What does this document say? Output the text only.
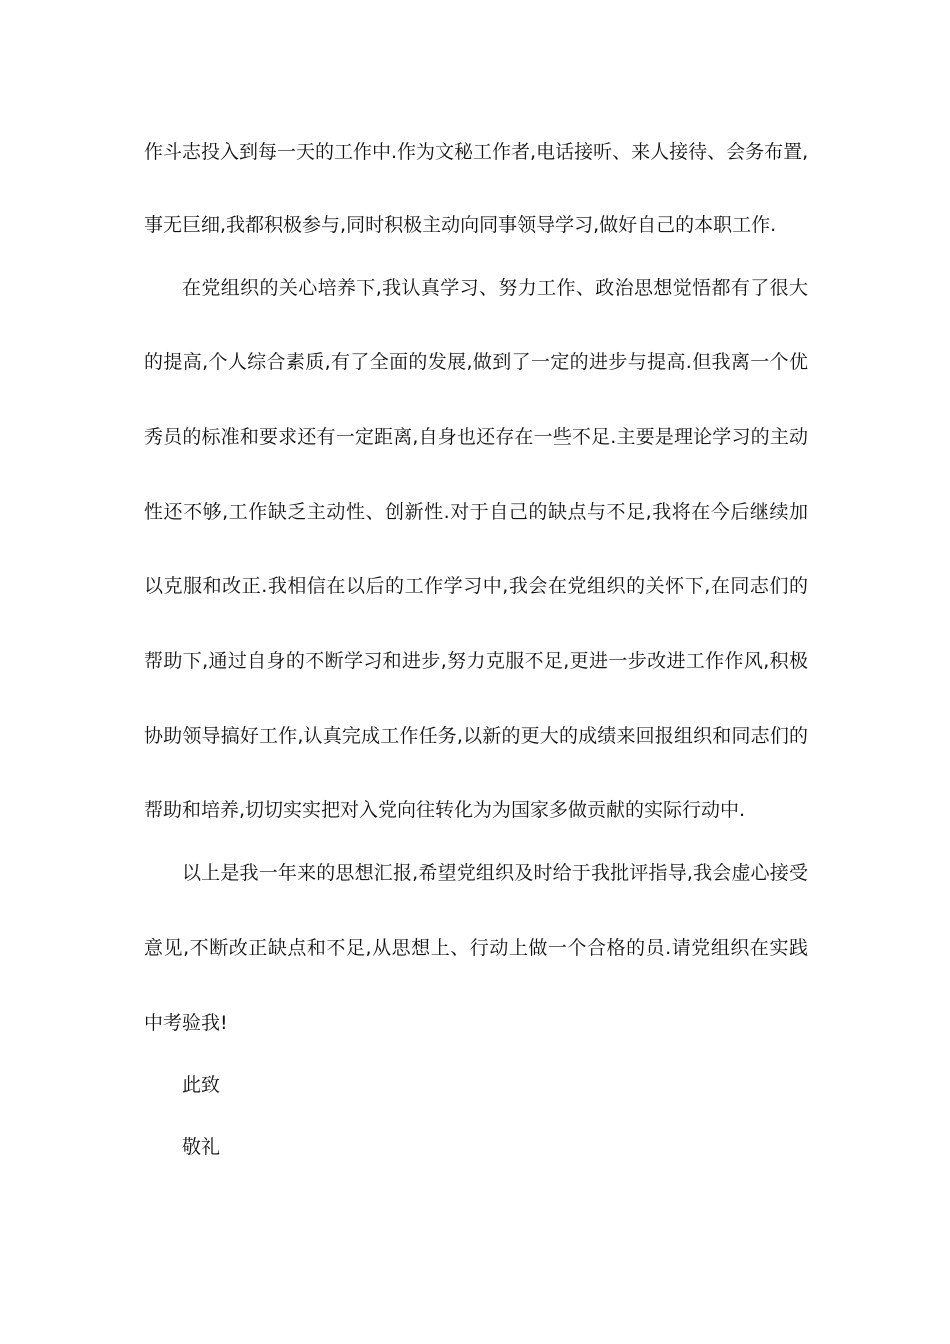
作斗志投入到每一天的工作中.作为文秘工作者,电话接听、来人接待、会务布置,
事无巨细,我都积极参与,同时积极主动向同事领导学习,做好自己的本职工作.
在党组织的关心培养下,我认真学习、努力工作、政治思想觉悟都有了很大
的提高,个人综合素质,有了全面的发展,做到了一定的进步与提高.但我离一个优
秀员的标准和要求还有一定距离,自身也还存在一些不足.主要是理论学习的主动
性还不够,工作缺乏主动性、创新性.对于自己的缺点与不足,我将在今后继续加
以克服和改正.我相信在以后的工作学习中,我会在党组织的关怀下,在同志们的
帮助下,通过自身的不断学习和进步,努力克服不足,更进一步改进工作作风,积极
协助领导搞好工作,认真完成工作任务,以新的更大的成绩来回报组织和同志们的
帮助和培养,切切实实把对入党向往转化为为国家多做贡献的实际行动中.
以上是我一年来的思想汇报,希望党组织及时给于我批评指导,我会虚心接受
意见,不断改正缺点和不足,从思想上、行动上做一个合格的员.请党组织在实践
中考验我!
此致
敬礼
